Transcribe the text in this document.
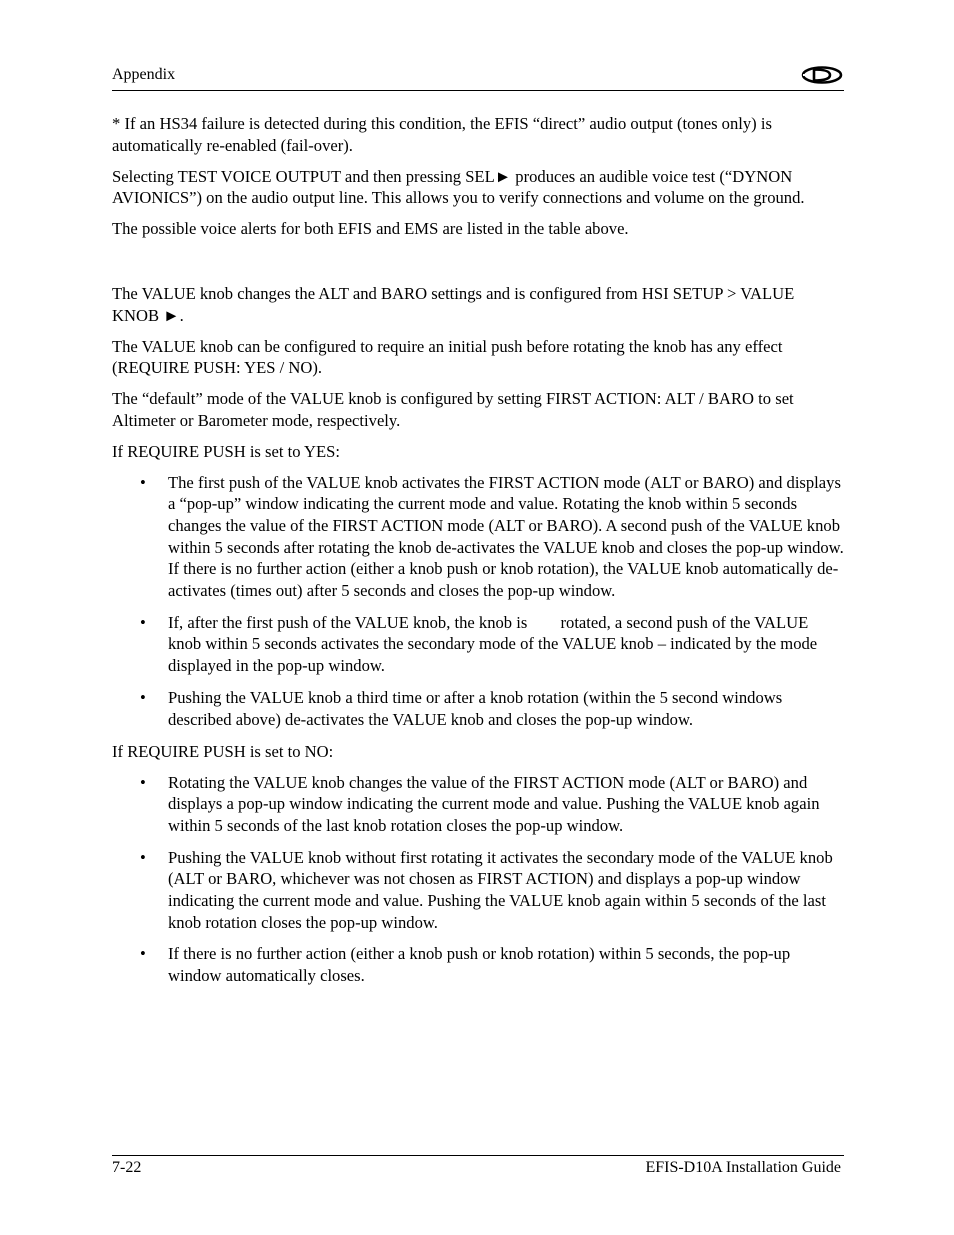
Appendix

* If an HS34 failure is detected during this condition, the EFIS “direct” audio output (tones only) is automatically re-enabled (fail-over).

Selecting TEST VOICE OUTPUT and then pressing SEL► produces an audible voice test (“DYNON AVIONICS”) on the audio output line. This allows you to verify connections and volume on the ground.

The possible voice alerts for both EFIS and EMS are listed in the table above.

The VALUE knob changes the ALT and BARO settings and is configured from HSI SETUP > VALUE KNOB ►.

The VALUE knob can be configured to require an initial push before rotating the knob has any effect (REQUIRE PUSH: YES / NO).

The “default” mode of the VALUE knob is configured by setting FIRST ACTION: ALT / BARO to set Altimeter or Barometer mode, respectively.

If REQUIRE PUSH is set to YES:

• The first push of the VALUE knob activates the FIRST ACTION mode (ALT or BARO) and displays a “pop-up” window indicating the current mode and value. Rotating the knob within 5 seconds changes the value of the FIRST ACTION mode (ALT or BARO). A second push of the VALUE knob within 5 seconds after rotating the knob de-activates the VALUE knob and closes the pop-up window. If there is no further action (either a knob push or knob rotation), the VALUE knob automatically de-activates (times out) after 5 seconds and closes the pop-up window.
• If, after the first push of the VALUE knob, the knob is        rotated, a second push of the VALUE knob within 5 seconds activates the secondary mode of the VALUE knob – indicated by the mode displayed in the pop-up window.
• Pushing the VALUE knob a third time or after a knob rotation (within the 5 second windows described above) de-activates the VALUE knob and closes the pop-up window.

If REQUIRE PUSH is set to NO:

• Rotating the VALUE knob changes the value of the FIRST ACTION mode (ALT or BARO) and displays a pop-up window indicating the current mode and value. Pushing the VALUE knob again within 5 seconds of the last knob rotation closes the pop-up window.
• Pushing the VALUE knob without first rotating it activates the secondary mode of the VALUE knob (ALT or BARO, whichever was not chosen as FIRST ACTION) and displays a pop-up window indicating the current mode and value. Pushing the VALUE knob again within 5 seconds of the last knob rotation closes the pop-up window.
• If there is no further action (either a knob push or knob rotation) within 5 seconds, the pop-up window automatically closes.
7-22	EFIS-D10A Installation Guide
